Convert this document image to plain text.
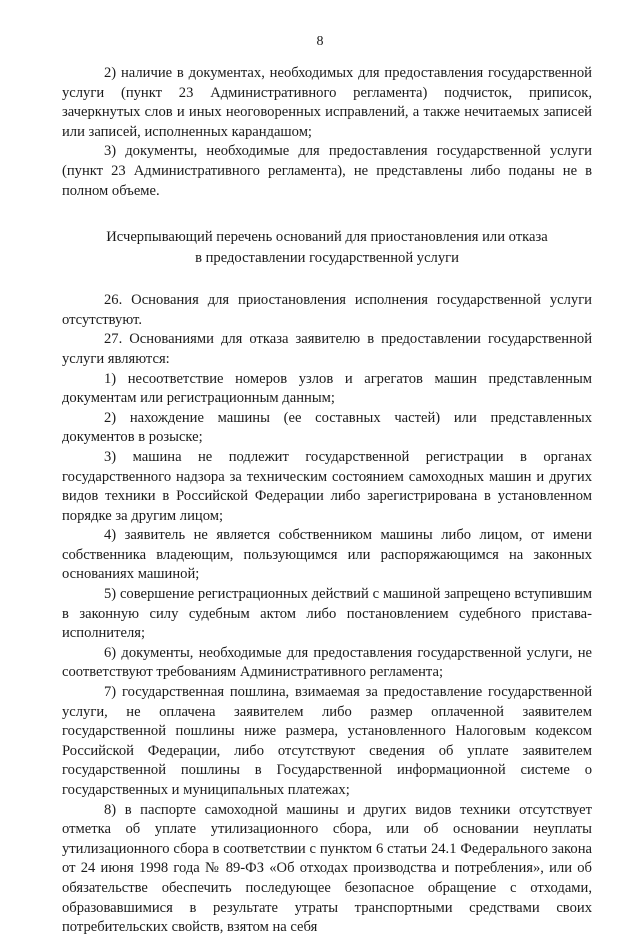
8

2) наличие в документах, необходимых для предоставления государственной услуги (пункт 23 Административного регламента) подчисток, приписок, зачеркнутых слов и иных неоговоренных исправлений, а также нечитаемых записей или записей, исполненных карандашом;

3) документы, необходимые для предоставления государственной услуги (пункт 23 Административного регламента), не представлены либо поданы не в полном объеме.

Исчерпывающий перечень оснований для приостановления или отказа

в предоставлении государственной услуги

26. Основания для приостановления исполнения государственной услуги отсутствуют.

27. Основаниями для отказа заявителю в предоставлении государственной услуги являются:

1) несоответствие номеров узлов и агрегатов машин представленным документам или регистрационным данным;

2) нахождение машины (ее составных частей) или представленных документов в розыске;

3) машина не подлежит государственной регистрации в органах государственного надзора за техническим состоянием самоходных машин и других видов техники в Российской Федерации либо зарегистрирована в установленном порядке за другим лицом;

4) заявитель не является собственником машины либо лицом, от имени собственника владеющим, пользующимся или распоряжающимся на законных основаниях машиной;

5) совершение регистрационных действий с машиной запрещено вступившим в законную силу судебным актом либо постановлением судебного пристава-исполнителя;

6) документы, необходимые для предоставления государственной услуги, не соответствуют требованиям Административного регламента;

7) государственная пошлина, взимаемая за предоставление государственной услуги, не оплачена заявителем либо размер оплаченной заявителем государственной пошлины ниже размера, установленного Налоговым кодексом Российской Федерации, либо отсутствуют сведения об уплате заявителем государственной пошлины в Государственной информационной системе о государственных и муниципальных платежах;

8) в паспорте самоходной машины и других видов техники отсутствует отметка об уплате утилизационного сбора, или об основании неуплаты утилизационного сбора в соответствии с пунктом 6 статьи 24.1 Федерального закона от 24 июня 1998 года № 89-ФЗ «Об отходах производства и потребления», или об обязательстве обеспечить последующее безопасное обращение с отходами, образовавшимися в результате утраты транспортными средствами своих потребительских свойств, взятом на себя
